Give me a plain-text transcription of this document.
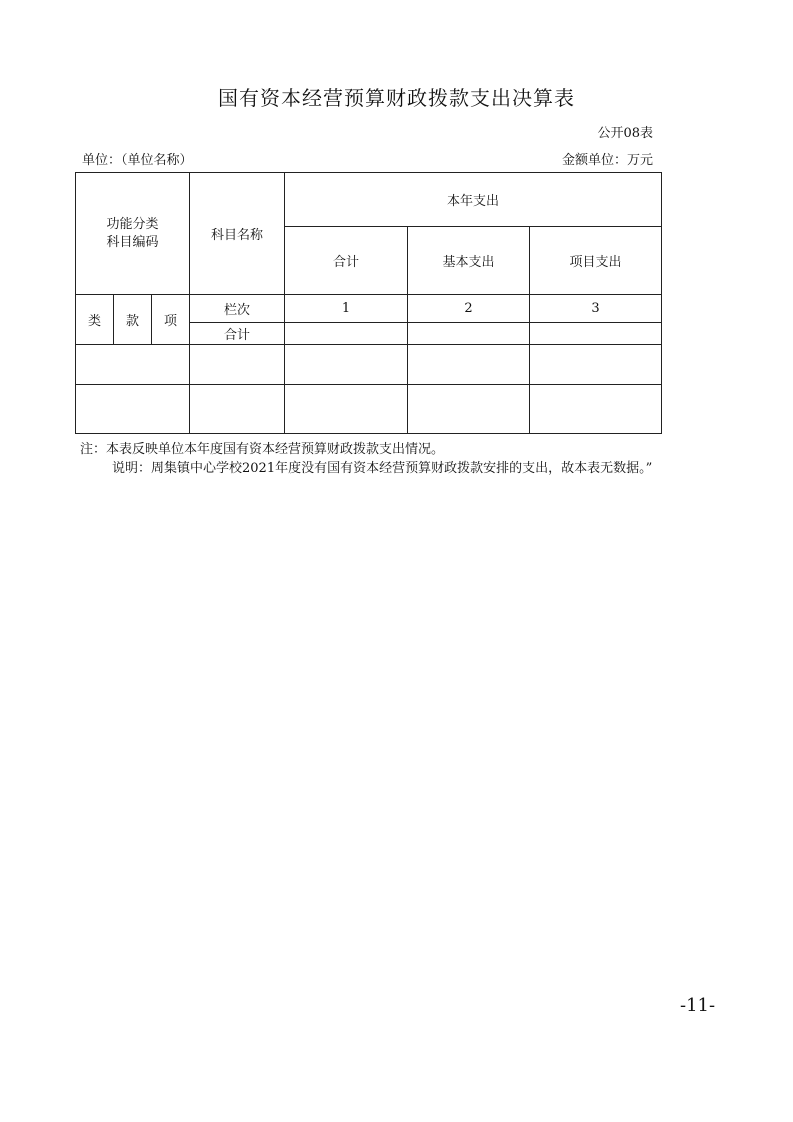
国有资本经营预算财政拨款支出决算表
公开08表
单位：（单位名称）	金额单位：万元
功能分类
科目编码			科目名称	本年支出		
				合计	基本支出	项目支出
类	款	项	栏次	1	2	3
			合计			

注：本表反映单位本年度国有资本经营预算财政拨款支出情况。
说明：周集镇中心学校2021年度没有国有资本经营预算财政拨款安排的支出，故本表无数据。”
-11-
